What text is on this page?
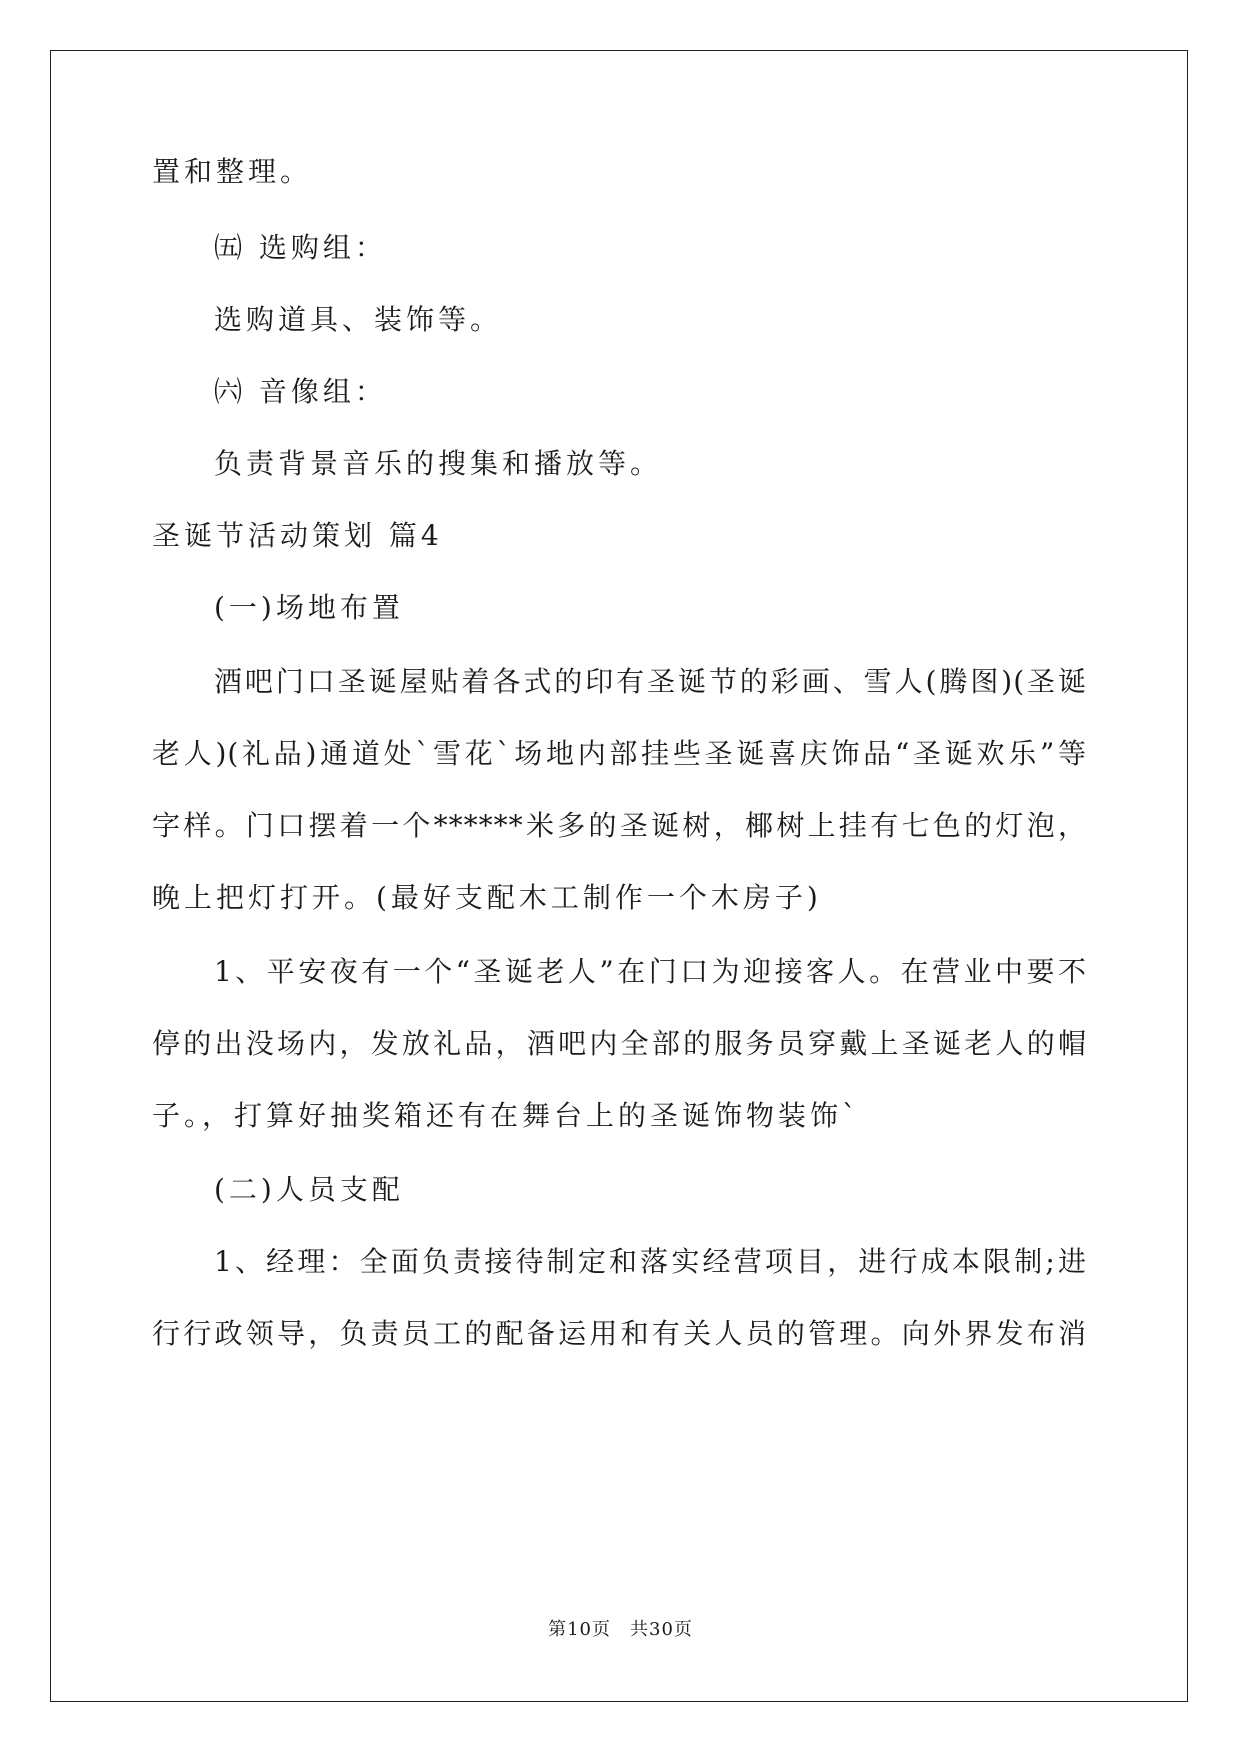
置和整理。
㈤ 选购组：
选购道具、装饰等。
㈥ 音像组：
负责背景音乐的搜集和播放等。
圣诞节活动策划 篇4
(一)场地布置
酒吧门口圣诞屋贴着各式的印有圣诞节的彩画、雪人(腾图)(圣诞
老人)(礼品)通道处`雪花`场地内部挂些圣诞喜庆饰品“圣诞欢乐”等
字样。门口摆着一个******米多的圣诞树，椰树上挂有七色的灯泡，
晚上把灯打开。(最好支配木工制作一个木房子)
1、平安夜有一个“圣诞老人”在门口为迎接客人。在营业中要不
停的出没场内，发放礼品，酒吧内全部的服务员穿戴上圣诞老人的帽
子。，打算好抽奖箱还有在舞台上的圣诞饰物装饰`
(二)人员支配
1、经理：全面负责接待制定和落实经营项目，进行成本限制;进
行行政领导，负责员工的配备运用和有关人员的管理。向外界发布消
第10页　共30页
